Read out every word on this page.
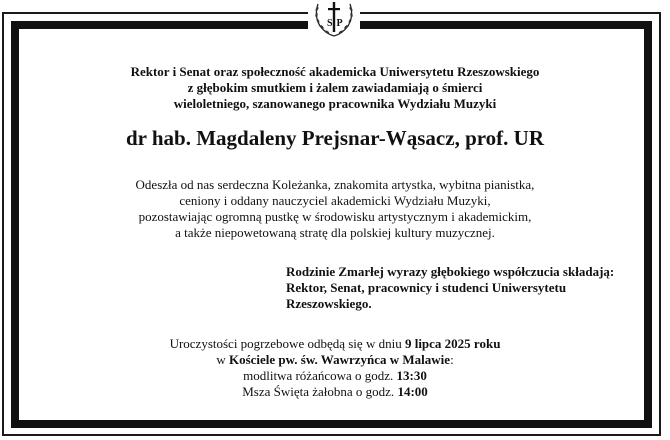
S P
Rektor i Senat oraz społeczność akademicka Uniwersytetu Rzeszowskiego
z głębokim smutkiem i żalem zawiadamiają o śmierci
wieloletniego, szanowanego pracownika Wydziału Muzyki
dr hab. Magdaleny Prejsnar-Wąsacz, prof. UR
Odeszła od nas serdeczna Koleżanka, znakomita artystka, wybitna pianistka,
ceniony i oddany nauczyciel akademicki Wydziału Muzyki,
pozostawiając ogromną pustkę w środowisku artystycznym i akademickim,
a także niepowetowaną stratę dla polskiej kultury muzycznej.
Rodzinie Zmarłej wyrazy głębokiego współczucia składają:
Rektor, Senat, pracownicy i studenci Uniwersytetu
Rzeszowskiego.
Uroczystości pogrzebowe odbędą się w dniu 9 lipca 2025 roku
w Kościele pw. św. Wawrzyńca w Malawie:
modlitwa różańcowa o godz. 13:30
Msza Święta żałobna o godz. 14:00
